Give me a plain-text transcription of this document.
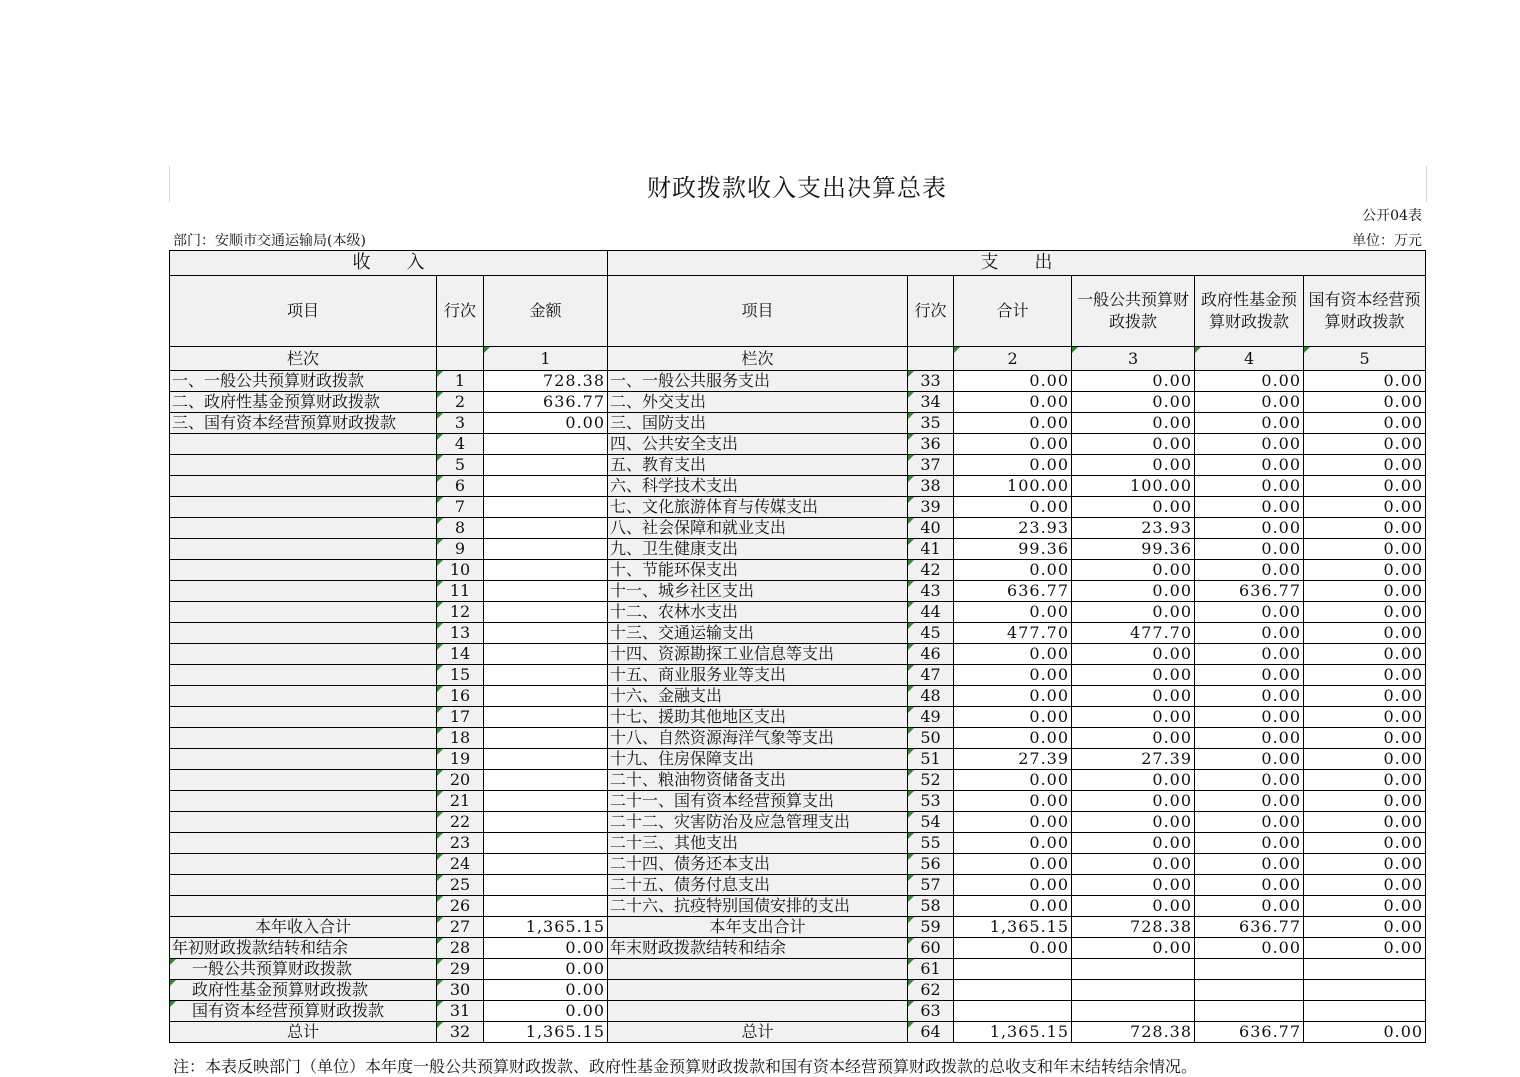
财政拨款收入支出决算总表
公开04表
部门：安顺市交通运输局(本级)	单位：万元
收　　入			支　　出					
项目	行次	金额	项目	行次	合计	一般公共预算财政拨款	政府性基金预算财政拨款	国有资本经营预算财政拨款
栏次		1	栏次		2	3	4	5
一、一般公共预算财政拨款	1	728.38	一、一般公共服务支出	33	0.00	0.00	0.00	0.00
二、政府性基金预算财政拨款	2	636.77	二、外交支出	34	0.00	0.00	0.00	0.00
三、国有资本经营预算财政拨款	3	0.00	三、国防支出	35	0.00	0.00	0.00	0.00
	4		四、公共安全支出	36	0.00	0.00	0.00	0.00
	5		五、教育支出	37	0.00	0.00	0.00	0.00
	6		六、科学技术支出	38	100.00	100.00	0.00	0.00
	7		七、文化旅游体育与传媒支出	39	0.00	0.00	0.00	0.00
	8		八、社会保障和就业支出	40	23.93	23.93	0.00	0.00
	9		九、卫生健康支出	41	99.36	99.36	0.00	0.00
	10		十、节能环保支出	42	0.00	0.00	0.00	0.00
	11		十一、城乡社区支出	43	636.77	0.00	636.77	0.00
	12		十二、农林水支出	44	0.00	0.00	0.00	0.00
	13		十三、交通运输支出	45	477.70	477.70	0.00	0.00
	14		十四、资源勘探工业信息等支出	46	0.00	0.00	0.00	0.00
	15		十五、商业服务业等支出	47	0.00	0.00	0.00	0.00
	16		十六、金融支出	48	0.00	0.00	0.00	0.00
	17		十七、援助其他地区支出	49	0.00	0.00	0.00	0.00
	18		十八、自然资源海洋气象等支出	50	0.00	0.00	0.00	0.00
	19		十九、住房保障支出	51	27.39	27.39	0.00	0.00
	20		二十、粮油物资储备支出	52	0.00	0.00	0.00	0.00
	21		二十一、国有资本经营预算支出	53	0.00	0.00	0.00	0.00
	22		二十二、灾害防治及应急管理支出	54	0.00	0.00	0.00	0.00
	23		二十三、其他支出	55	0.00	0.00	0.00	0.00
	24		二十四、债务还本支出	56	0.00	0.00	0.00	0.00
	25		二十五、债务付息支出	57	0.00	0.00	0.00	0.00
	26		二十六、抗疫特别国债安排的支出	58	0.00	0.00	0.00	0.00
本年收入合计	27	1,365.15	本年支出合计	59	1,365.15	728.38	636.77	0.00
年初财政拨款结转和结余	28	0.00	年末财政拨款结转和结余	60	0.00	0.00	0.00	0.00
一般公共预算财政拨款	29	0.00		61				
政府性基金预算财政拨款	30	0.00		62				
国有资本经营预算财政拨款	31	0.00		63				
总计	32	1,365.15	总计	64	1,365.15	728.38	636.77	0.00
注：本表反映部门（单位）本年度一般公共预算财政拨款、政府性基金预算财政拨款和国有资本经营预算财政拨款的总收支和年末结转结余情况。
